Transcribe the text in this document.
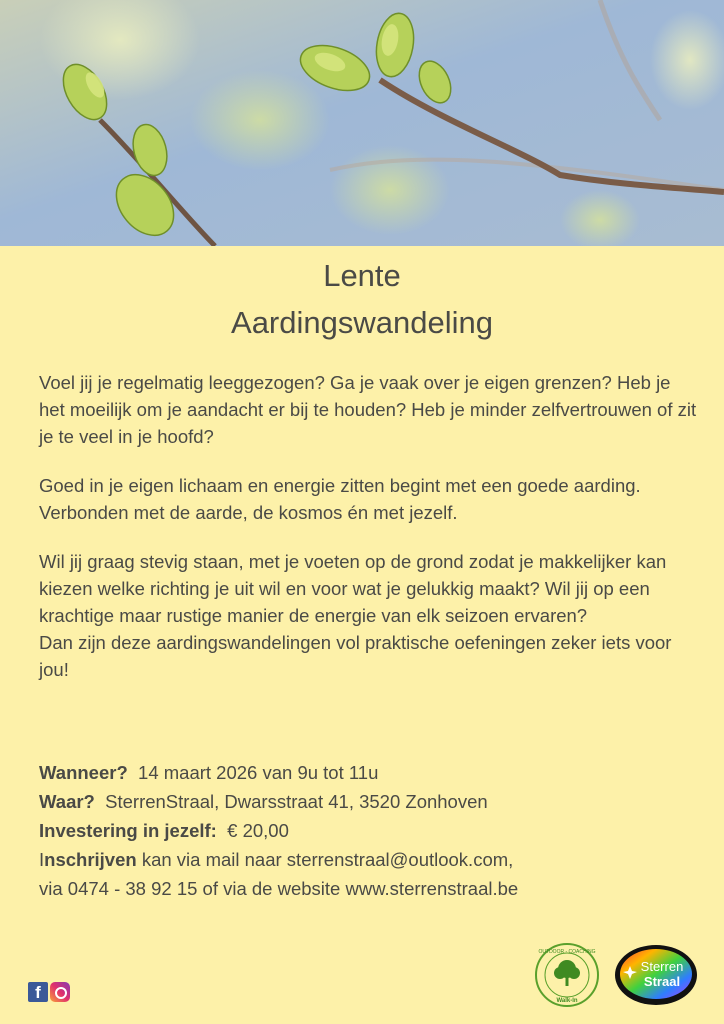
Lente
Aardingswandeling

Voel jij je regelmatig leeggezogen? Ga je vaak over je eigen grenzen? Heb je het moeilijk om je aandacht er bij te houden? Heb je minder zelfvertrouwen of zit je te veel in je hoofd?

Goed in je eigen lichaam en energie zitten begint met een goede aarding. Verbonden met de aarde, de kosmos én met jezelf.

Wil jij graag stevig staan, met je voeten op de grond zodat je makkelijker kan kiezen welke richting je uit wil en voor wat je gelukkig maakt? Wil jij op een krachtige maar rustige manier de energie van elk seizoen ervaren?

Dan zijn deze aardingswandelingen vol praktische oefeningen zeker iets voor jou!

Wanneer? 14 maart 2026 van 9u tot 11u
Waar? SterrenStraal, Dwarsstraat 41, 3520 Zonhoven
Investering in jezelf: € 20,00
Inschrijven kan via mail naar sterrenstraal@outlook.com,
via 0474 - 38 92 15 of via de website www.sterrenstraal.be
f
OUTDOOR - COACHING
Walk-In
Sterren
Straal
